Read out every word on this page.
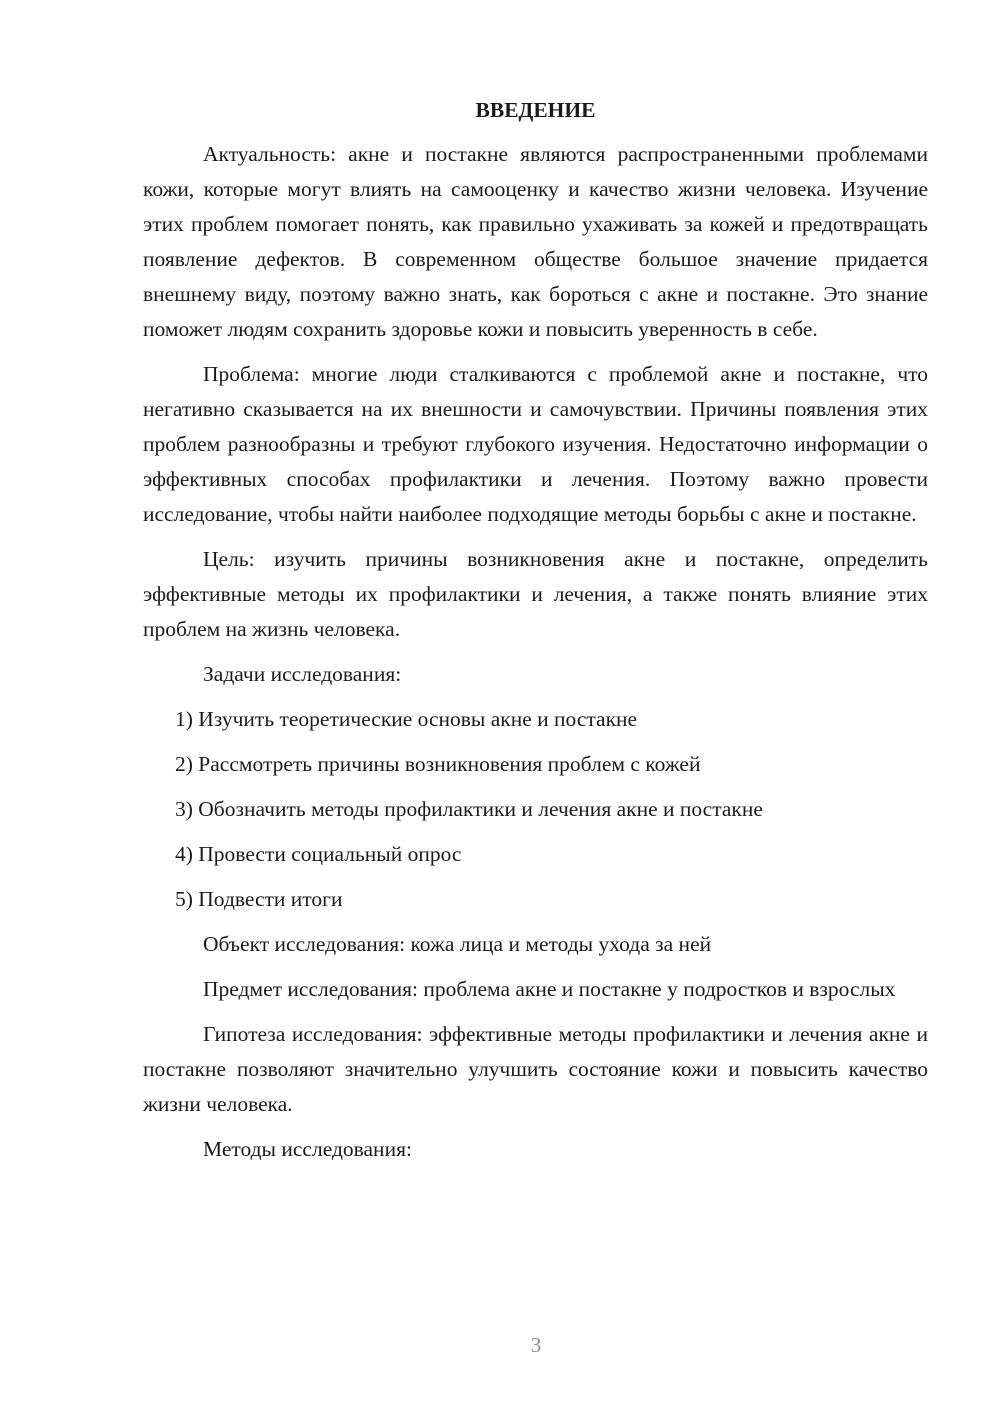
ВВЕДЕНИЕ

Актуальность: акне и постакне являются распространенными проблемами кожи, которые могут влиять на самооценку и качество жизни человека. Изучение этих проблем помогает понять, как правильно ухаживать за кожей и предотвращать появление дефектов. В современном обществе большое значение придается внешнему виду, поэтому важно знать, как бороться с акне и постакне. Это знание поможет людям сохранить здоровье кожи и повысить уверенность в себе.

Проблема: многие люди сталкиваются с проблемой акне и постакне, что негативно сказывается на их внешности и самочувствии. Причины появления этих проблем разнообразны и требуют глубокого изучения. Недостаточно информации о эффективных способах профилактики и лечения. Поэтому важно провести исследование, чтобы найти наиболее подходящие методы борьбы с акне и постакне.

Цель: изучить причины возникновения акне и постакне, определить эффективные методы их профилактики и лечения, а также понять влияние этих проблем на жизнь человека.

Задачи исследования:

1) Изучить теоретические основы акне и постакне
2) Рассмотреть причины возникновения проблем с кожей
3) Обозначить методы профилактики и лечения акне и постакне
4) Провести социальный опрос
5) Подвести итоги

Объект исследования: кожа лица и методы ухода за ней

Предмет исследования: проблема акне и постакне у подростков и взрослых

Гипотеза исследования: эффективные методы профилактики и лечения акне и постакне позволяют значительно улучшить состояние кожи и повысить качество жизни человека.

Методы исследования:

3
